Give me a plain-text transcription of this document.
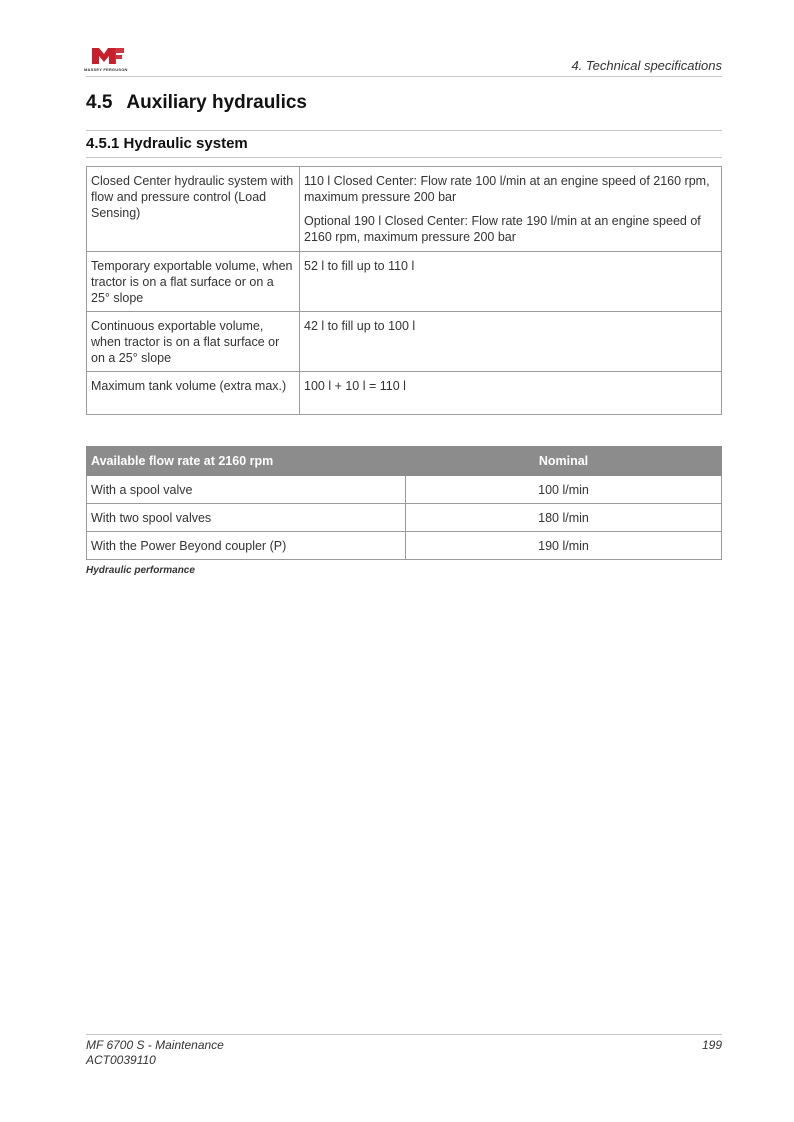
MASSEY FERGUSON	4. Technical specifications
4.5 Auxiliary hydraulics
4.5.1 Hydraulic system
Closed Center hydraulic system with flow and pressure control (Load Sensing)	110 l Closed Center: Flow rate 100 l/min at an engine speed of 2160 rpm, maximum pressure 200 bar

Optional 190 l Closed Center: Flow rate 190 l/min at an engine speed of 2160 rpm, maximum pressure 200 bar

Temporary exportable volume, when tractor is on a flat surface or on a 25° slope	52 l to fill up to 110 l
Continuous exportable volume, when tractor is on a flat surface or on a 25° slope	42 l to fill up to 100 l
Maximum tank volume (extra max.)	100 l + 10 l = 110 l
Available flow rate at 2160 rpm	Nominal
With a spool valve	100 l/min
With two spool valves	180 l/min
With the Power Beyond coupler (P)	190 l/min
Hydraulic performance
MF 6700 S - Maintenance
ACT0039110
199
